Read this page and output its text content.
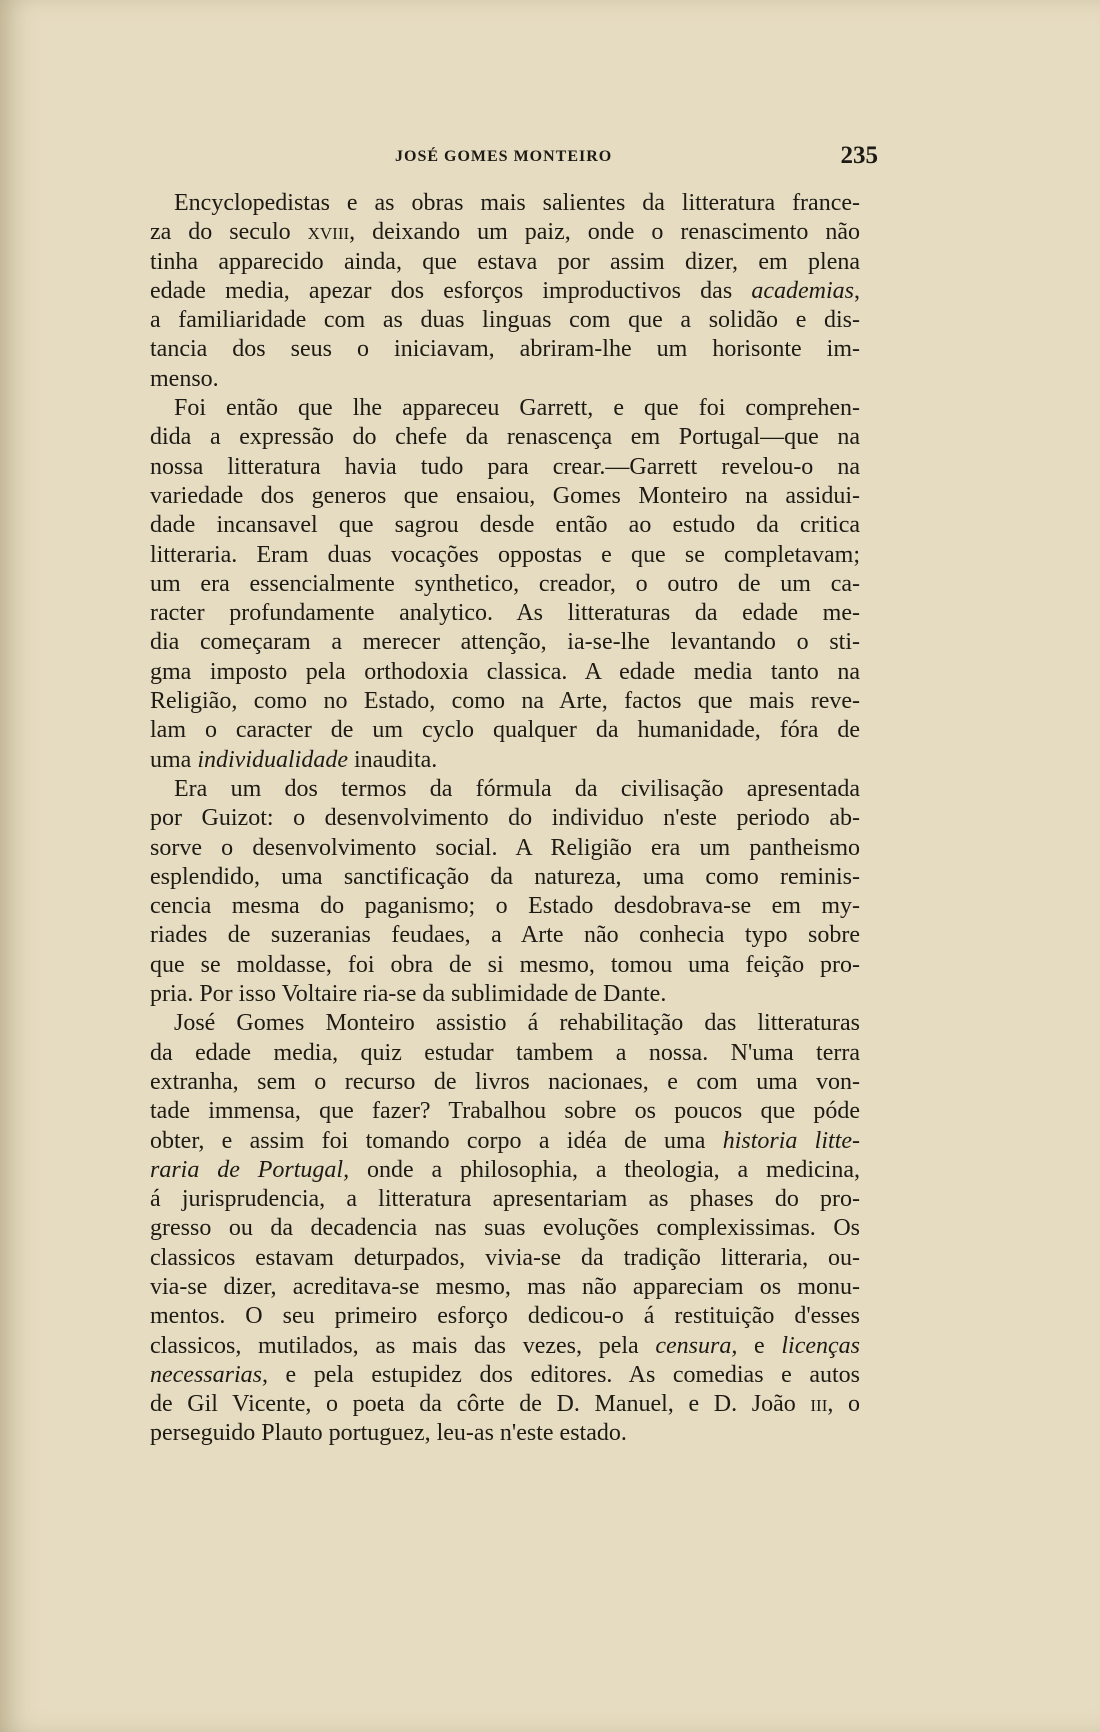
JOSÉ GOMES MONTEIRO	235
Encyclopedistas e as obras mais salientes da litteratura france-
za do seculo xviii, deixando um paiz, onde o renascimento não
tinha apparecido ainda, que estava por assim dizer, em plena
edade media, apezar dos esforços improductivos das academias,
a familiaridade com as duas linguas com que a solidão e dis-
tancia dos seus o iniciavam, abriram-lhe um horisonte im-
menso.
Foi então que lhe appareceu Garrett, e que foi comprehen-
dida a expressão do chefe da renascença em Portugal—que na
nossa litteratura havia tudo para crear.—Garrett revelou-o na
variedade dos generos que ensaiou, Gomes Monteiro na assidui-
dade incansavel que sagrou desde então ao estudo da critica
litteraria. Eram duas vocações oppostas e que se completavam;
um era essencialmente synthetico, creador, o outro de um ca-
racter profundamente analytico. As litteraturas da edade me-
dia começaram a merecer attenção, ia-se-lhe levantando o sti-
gma imposto pela orthodoxia classica. A edade media tanto na
Religião, como no Estado, como na Arte, factos que mais reve-
lam o caracter de um cyclo qualquer da humanidade, fóra de
uma individualidade inaudita.
Era um dos termos da fórmula da civilisação apresentada
por Guizot: o desenvolvimento do individuo n'este periodo ab-
sorve o desenvolvimento social. A Religião era um pantheismo
esplendido, uma sanctificação da natureza, uma como reminis-
cencia mesma do paganismo; o Estado desdobrava-se em my-
riades de suzeranias feudaes, a Arte não conhecia typo sobre
que se moldasse, foi obra de si mesmo, tomou uma feição pro-
pria. Por isso Voltaire ria-se da sublimidade de Dante.
José Gomes Monteiro assistio á rehabilitação das litteraturas
da edade media, quiz estudar tambem a nossa. N'uma terra
extranha, sem o recurso de livros nacionaes, e com uma von-
tade immensa, que fazer? Trabalhou sobre os poucos que póde
obter, e assim foi tomando corpo a idéa de uma historia litte-
raria de Portugal, onde a philosophia, a theologia, a medicina,
á jurisprudencia, a litteratura apresentariam as phases do pro-
gresso ou da decadencia nas suas evoluções complexissimas. Os
classicos estavam deturpados, vivia-se da tradição litteraria, ou-
via-se dizer, acreditava-se mesmo, mas não appareciam os monu-
mentos. O seu primeiro esforço dedicou-o á restituição d'esses
classicos, mutilados, as mais das vezes, pela censura, e licenças
necessarias, e pela estupidez dos editores. As comedias e autos
de Gil Vicente, o poeta da côrte de D. Manuel, e D. João iii, o
perseguido Plauto portuguez, leu-as n'este estado.
